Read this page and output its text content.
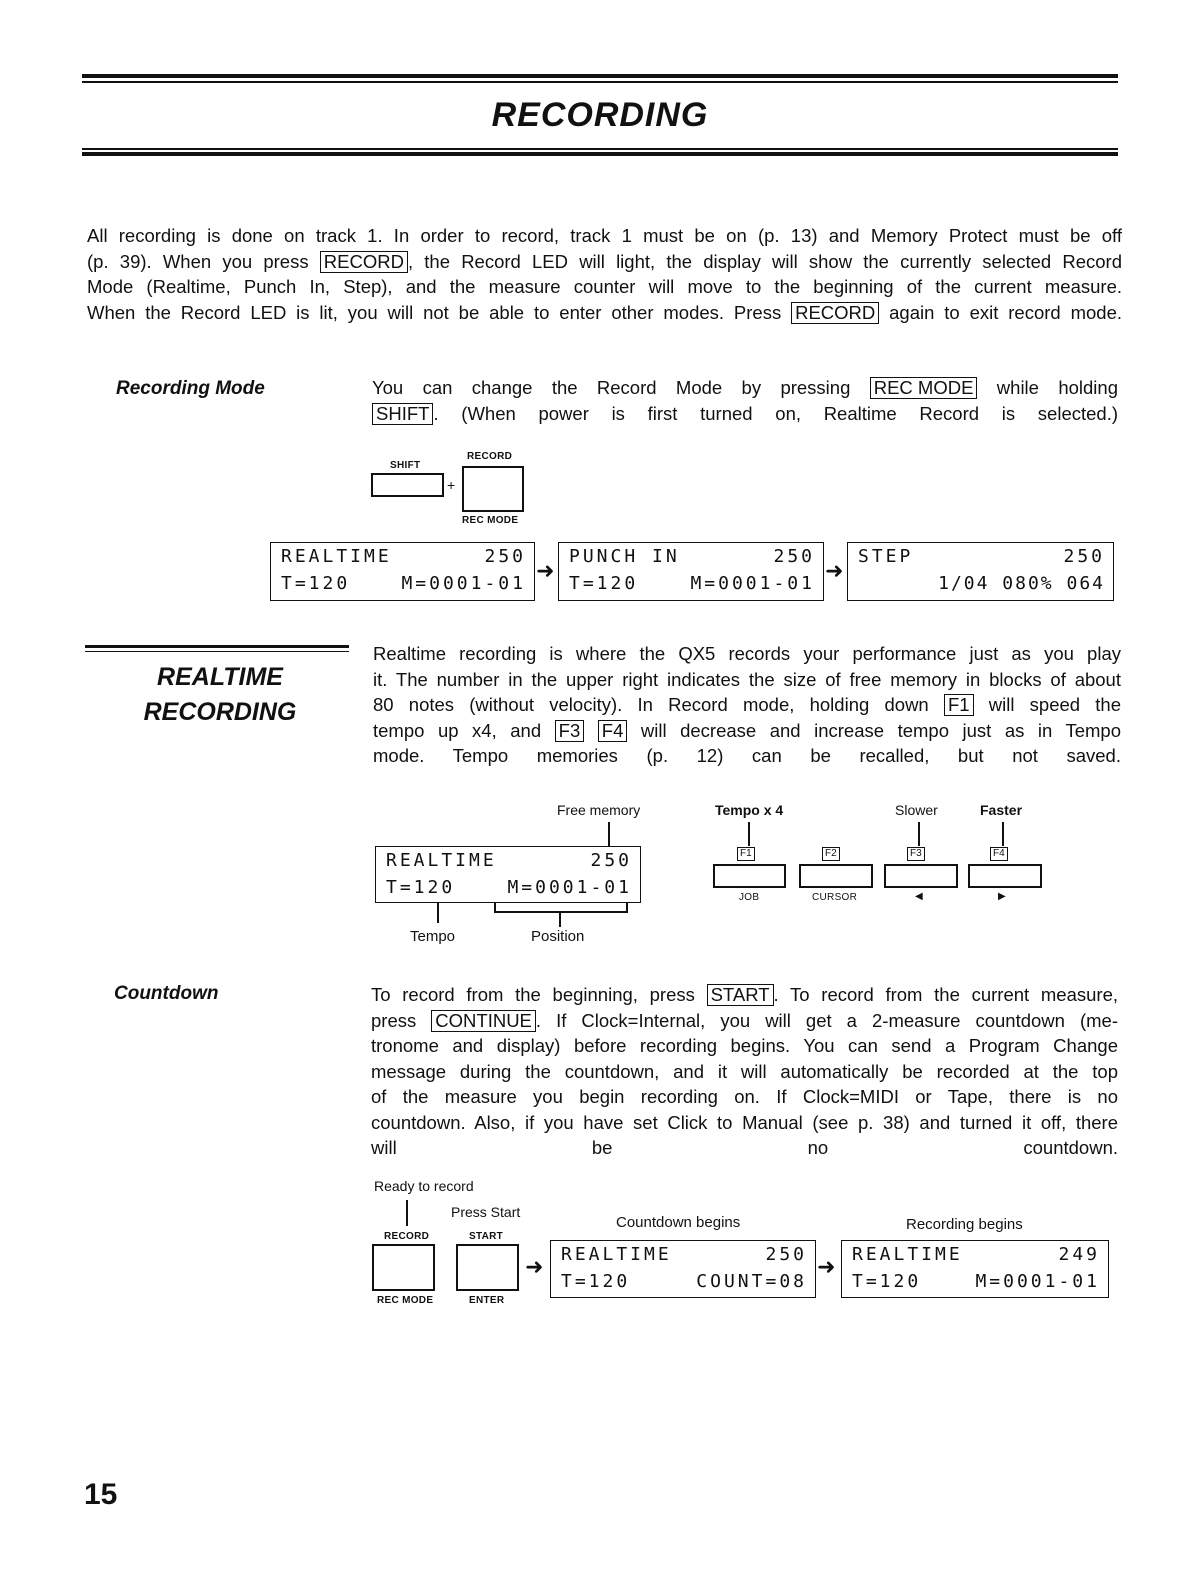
RECORDING
All recording is done on track 1. In order to record, track 1 must be on (p. 13) and Memory Protect must be off
(p. 39). When you press RECORD , the Record LED will light, the display will show the currently selected Record
Mode (Realtime, Punch In, Step), and the measure counter will move to the beginning of the current measure.
When the Record LED is lit, you will not be able to enter other modes. Press RECORD again to exit record mode.
Recording Mode	You can change the Record Mode by pressing REC MODE while holding
SHIFT . (When power is first turned on, Realtime Record is selected.)
SHIFT
+
RECORD
REC MODE
REALTIME	250
T=120	M=0001-01
➜
PUNCH IN	250
T=120	M=0001-01
➜
STEP	250
1/04 080% 064
REALTIME
RECORDING
Realtime recording is where the QX5 records your performance just as you play
it. The number in the upper right indicates the size of free memory in blocks of about
80 notes (without velocity). In Record mode, holding down F1 will speed the
tempo up x4, and F3 F4 will decrease and increase tempo just as in Tempo
mode. Tempo memories (p. 12) can be recalled, but not saved.
Free memory
REALTIME	250
T=120	M=0001-01
Tempo	Position
Tempo x 4	Slower	Faster
F1
JOB
F2
CURSOR
F3
◀
F4
▶
Countdown	To record from the beginning, press START . To record from the current measure,
press CONTINUE . If Clock=Internal, you will get a 2-measure countdown (me-
tronome and display) before recording begins. You can send a Program Change
message during the countdown, and it will automatically be recorded at the top
of the measure you begin recording on. If Clock=MIDI or Tape, there is no
countdown. Also, if you have set Click to Manual (see p. 38) and turned it off, there
will be no countdown.
Ready to record
Press Start
RECORD
REC MODE
START
ENTER
➜
Countdown begins
REALTIME	250
T=120	COUNT=08
➜
Recording begins
REALTIME	249
T=120	M=0001-01
15
